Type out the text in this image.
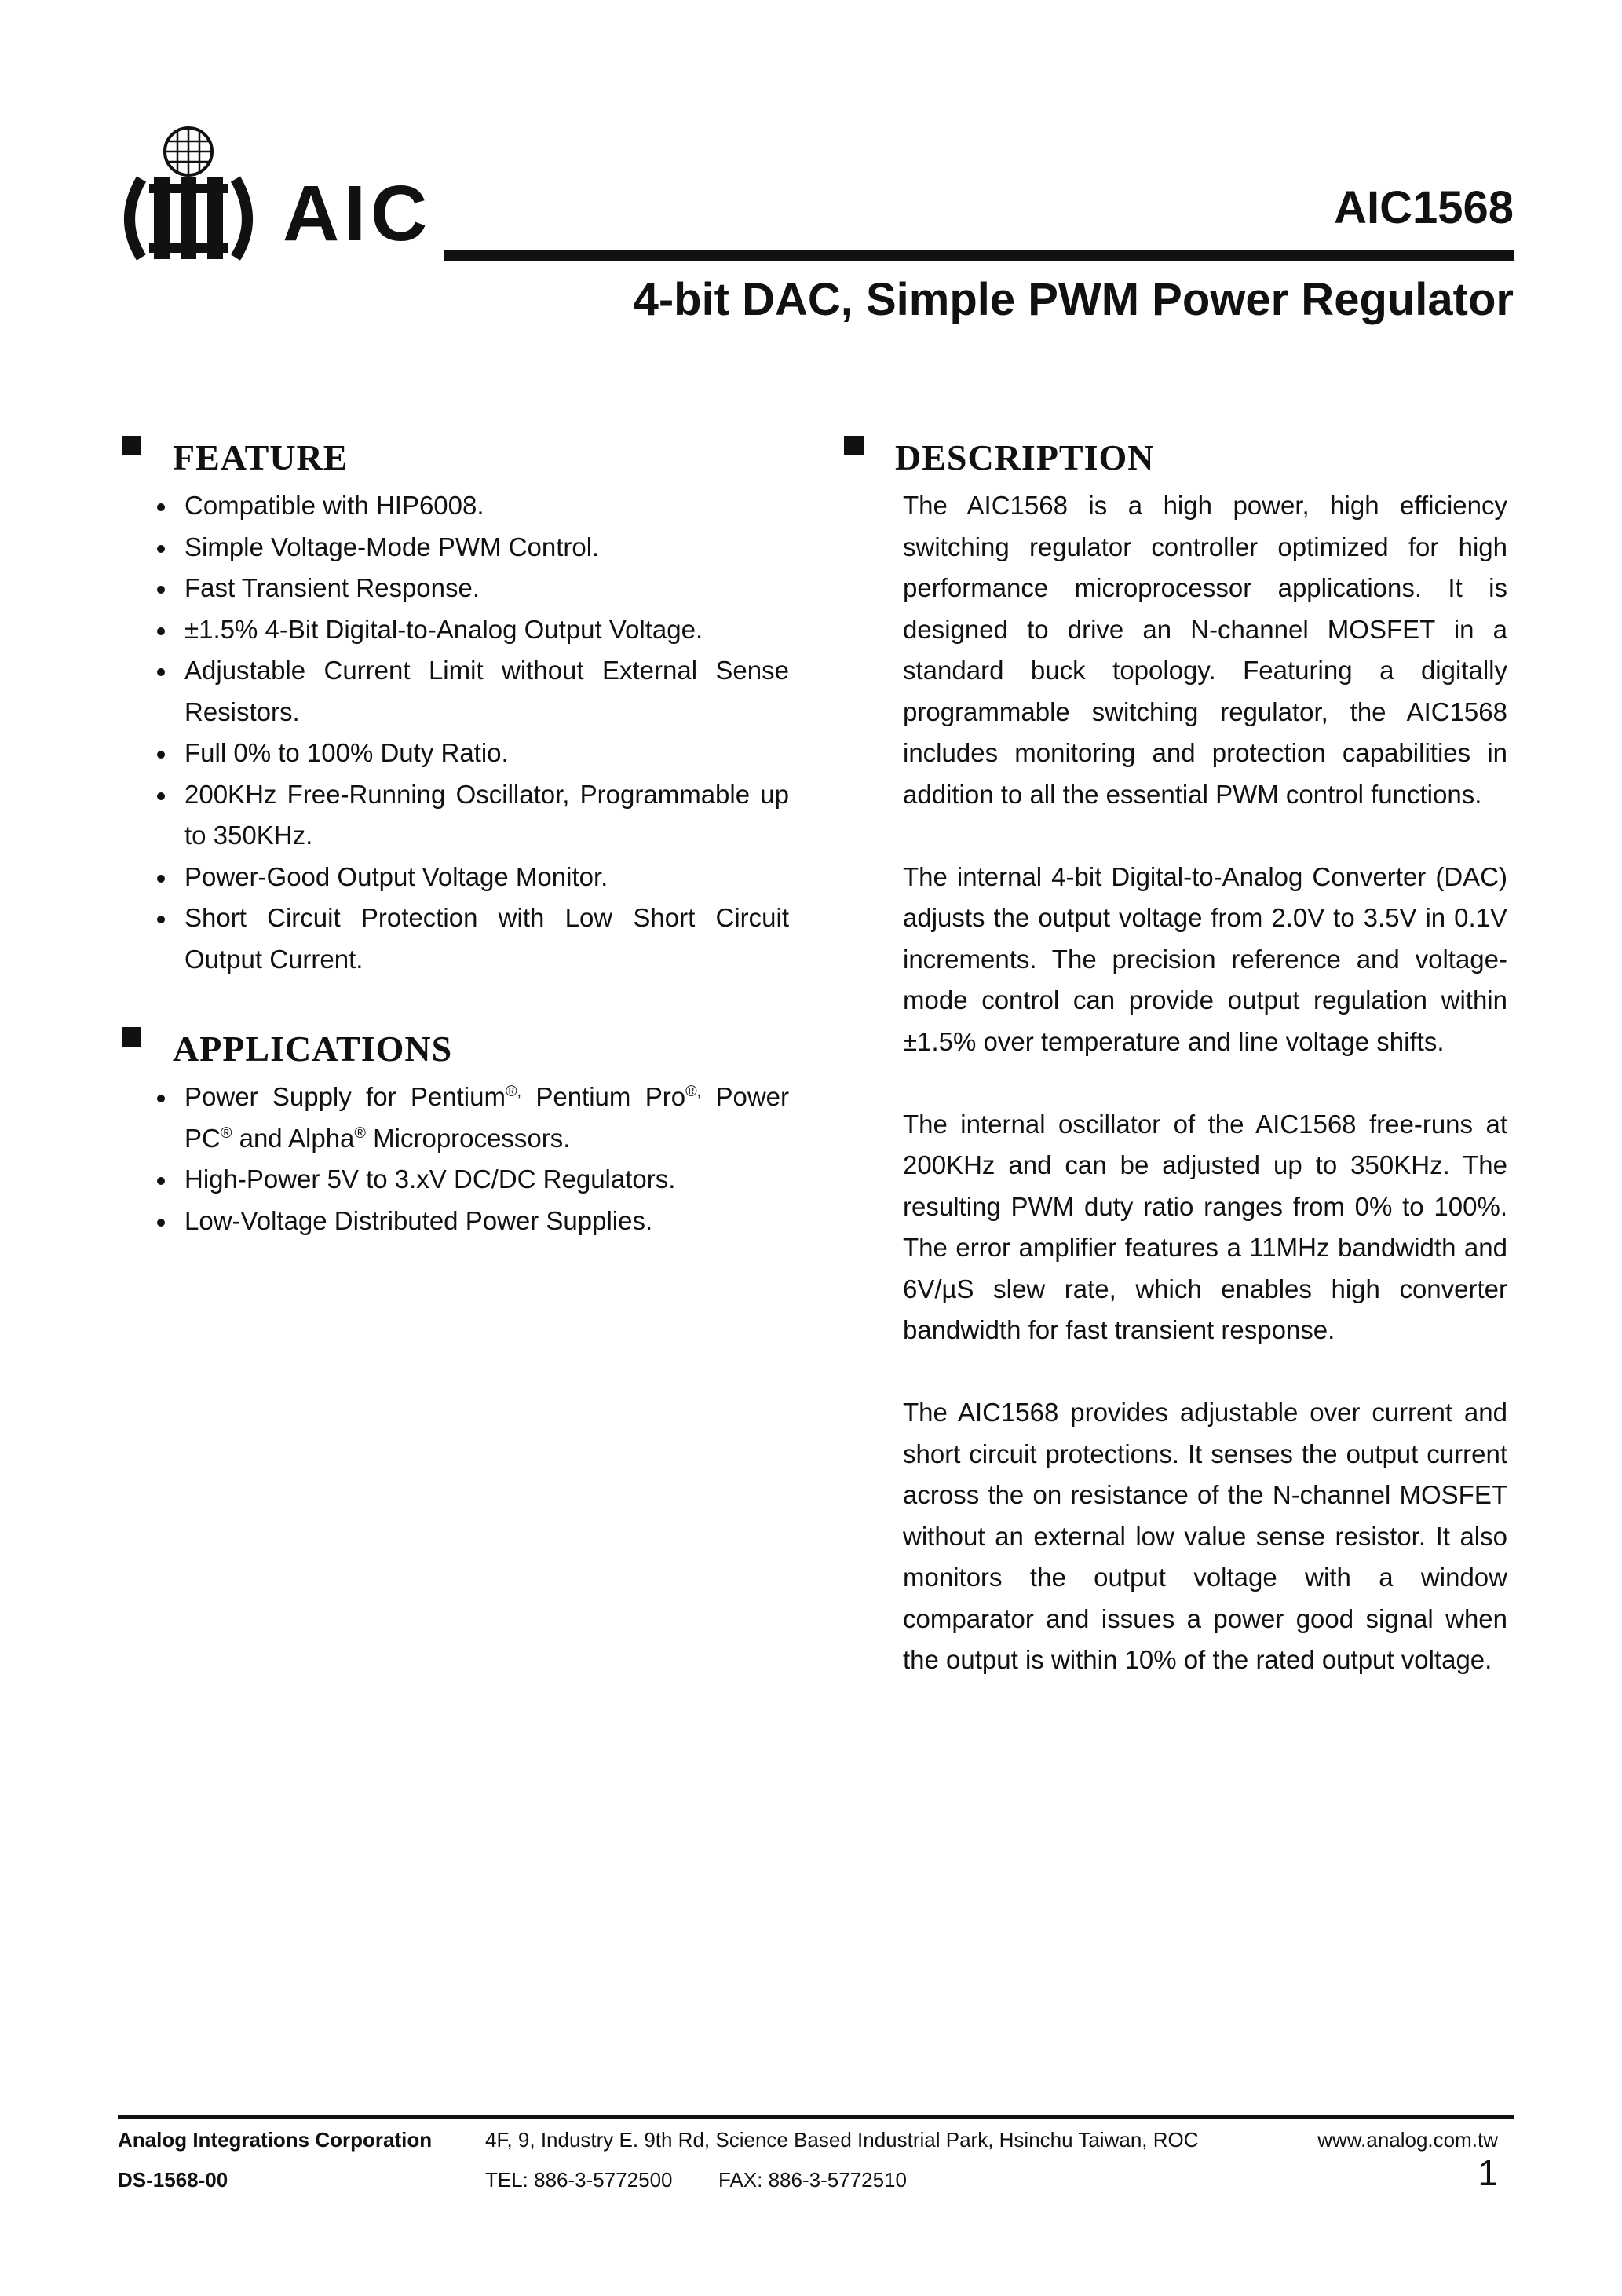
AIC	AIC1568
4-bit DAC, Simple PWM Power Regulator
FEATURE
Compatible with HIP6008.
Simple Voltage-Mode PWM Control.
Fast Transient Response.
±1.5% 4-Bit Digital-to-Analog Output Voltage.
Adjustable Current Limit without External Sense Resistors.
Full 0% to 100% Duty Ratio.
200KHz Free-Running Oscillator, Programmable up to 350KHz.
Power-Good Output Voltage Monitor.
Short Circuit Protection with Low Short Circuit Output Current.
APPLICATIONS
Power Supply for Pentium®, Pentium Pro®, Power PC® and Alpha® Microprocessors.
High-Power 5V to 3.xV DC/DC Regulators.
Low-Voltage Distributed Power Supplies.
DESCRIPTION

The AIC1568 is a high power, high efficiency switching regulator controller optimized for high performance microprocessor applications. It is designed to drive an N-channel MOSFET in a standard buck topology. Featuring a digitally programmable switching regulator, the AIC1568 includes monitoring and protection capabilities in addition to all the essential PWM control functions.

The internal 4-bit Digital-to-Analog Converter (DAC) adjusts the output voltage from 2.0V to 3.5V in 0.1V increments. The precision reference and voltage-mode control can provide output regulation within ±1.5% over temperature and line voltage shifts.

The internal oscillator of the AIC1568 free-runs at 200KHz and can be adjusted up to 350KHz. The resulting PWM duty ratio ranges from 0% to 100%. The error amplifier features a 11MHz bandwidth and 6V/µS slew rate, which enables high converter bandwidth for fast transient response.

The AIC1568 provides adjustable over current and short circuit protections. It senses the output current across the on resistance of the N-channel MOSFET without an external low value sense resistor. It also monitors the output voltage with a window comparator and issues a power good signal when the output is within 10% of the rated output voltage.

Analog Integrations Corporation	4F, 9, Industry E. 9th Rd, Science Based Industrial Park, Hsinchu Taiwan, ROC	www.analog.com.tw
DS-1568-00	TEL: 886-3-5772500 FAX: 886-3-5772510	1
